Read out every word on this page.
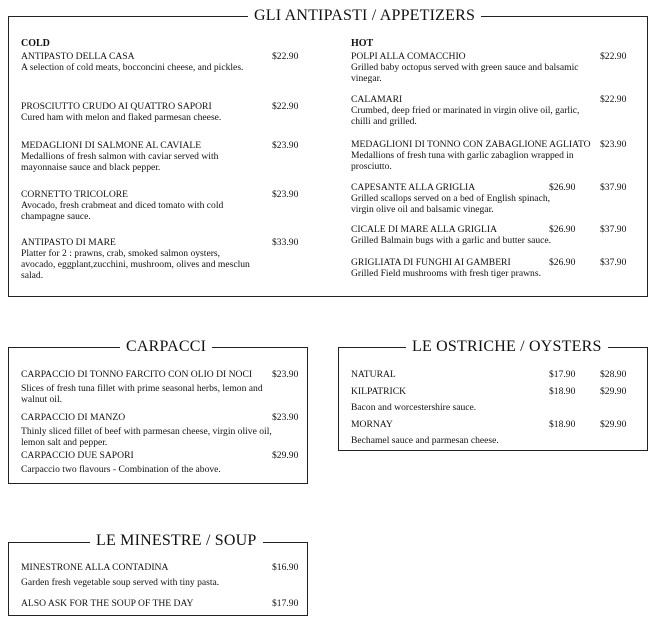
GLI ANTIPASTI / APPETIZERS
COLD	HOT
ANTIPASTO DELLA CASA
A selection of cold meats, bocconcini cheese, and pickles.
$22.90
PROSCIUTTO CRUDO AI QUATTRO SAPORI
Cured ham with melon and flaked parmesan cheese.
$22.90
MEDAGLIONI DI SALMONE AL CAVIALE
Medallions of fresh salmon with caviar served with mayonnaise sauce and black pepper.
$23.90
CORNETTO TRICOLORE
Avocado, fresh crabmeat and diced tomato with cold champagne sauce.
$23.90
ANTIPASTO DI MARE
Platter for 2 : prawns, crab, smoked salmon oysters, avocado, eggplant,zucchini, mushroom, olives and mesclun salad.
$33.90
POLPI ALLA COMACCHIO
Grilled baby octopus served with green sauce and balsamic vinegar.
$22.90
CALAMARI
Crumbed, deep fried or marinated in virgin olive oil, garlic, chilli and grilled.
$22.90
MEDAGLIONI DI TONNO CON ZABAGLIONE AGLIATO
Medallions of fresh tuna with garlic zabaglion wrapped in prosciutto.
$23.90
CAPESANTE ALLA GRIGLIA
Grilled scallops served on a bed of English spinach, virgin olive oil and balsamic vinegar.
$26.90	$37.90
CICALE DI MARE ALLA GRIGLIA
Grilled Balmain bugs with a garlic and butter sauce.
$26.90	$37.90
GRIGLIATA DI FUNGHI AI GAMBERI
Grilled Field mushrooms with fresh tiger prawns.
$26.90	$37.90
CARPACCI
CARPACCIO DI TONNO FARCITO CON OLIO DI NOCI
Slices of fresh tuna fillet with prime seasonal herbs, lemon and walnut oil.
$23.90
CARPACCIO DI MANZO
Thinly sliced fillet of beef with parmesan cheese, virgin olive oil, lemon salt and pepper.
$23.90
CARPACCIO DUE SAPORI
Carpaccio two flavours - Combination of the above.
$29.90
LE OSTRICHE / OYSTERS
NATURAL	$17.90	$28.90
KILPATRICK
Bacon and worcestershire sauce.
$18.90	$29.90
MORNAY
Bechamel sauce and parmesan cheese.
$18.90	$29.90
LE MINESTRE / SOUP
MINESTRONE ALLA CONTADINA
Garden fresh vegetable soup served with tiny pasta.
$16.90
ALSO ASK FOR THE SOUP OF THE DAY	$17.90
